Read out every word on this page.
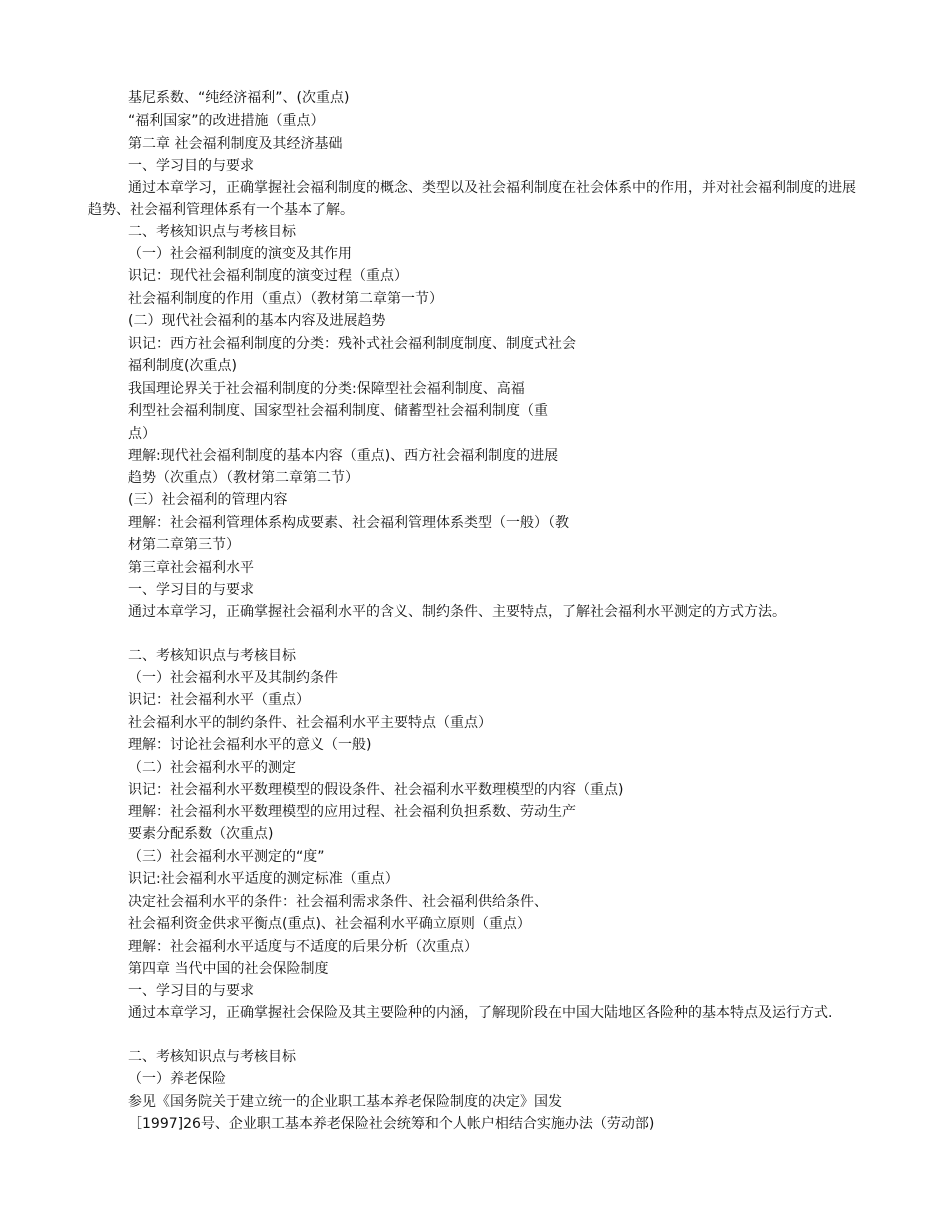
基尼系数、“纯经济福利”、(次重点)
“福利国家”的改进措施（重点）
第二章 社会福利制度及其经济基础
一、学习目的与要求
通过本章学习，正确掌握社会福利制度的概念、类型以及社会福利制度在社会体系中的作用，并对社会福利制度的进展趋势、社会福利管理体系有一个基本了解。
二、考核知识点与考核目标
（一）社会福利制度的演变及其作用
识记：现代社会福利制度的演变过程（重点）
社会福利制度的作用（重点）（教材第二章第一节）
(二）现代社会福利的基本内容及进展趋势
识记：西方社会福利制度的分类：残补式社会福利制度制度、制度式社会
福利制度(次重点)
我国理论界关于社会福利制度的分类:保障型社会福利制度、高福
利型社会福利制度、国家型社会福利制度、储蓄型社会福利制度（重
点）
理解:现代社会福利制度的基本内容（重点)、西方社会福利制度的进展
趋势（次重点）（教材第二章第二节）
(三）社会福利的管理内容
理解：社会福利管理体系构成要素、社会福利管理体系类型（一般）（教
材第二章第三节）
第三章社会福利水平
一、学习目的与要求
通过本章学习，正确掌握社会福利水平的含义、制约条件、主要特点，了解社会福利水平测定的方式方法。
二、考核知识点与考核目标
（一）社会福利水平及其制约条件
识记：社会福利水平（重点）
社会福利水平的制约条件、社会福利水平主要特点（重点）
理解：讨论社会福利水平的意义（一般)
（二）社会福利水平的测定
识记：社会福利水平数理模型的假设条件、社会福利水平数理模型的内容（重点)
理解：社会福利水平数理模型的应用过程、社会福利负担系数、劳动生产
要素分配系数（次重点)
（三）社会福利水平测定的“度”
识记:社会福利水平适度的测定标准（重点）
决定社会福利水平的条件：社会福利需求条件、社会福利供给条件、
社会福利资金供求平衡点(重点)、社会福利水平确立原则（重点）
理解：社会福利水平适度与不适度的后果分析（次重点）
第四章 当代中国的社会保险制度
一、学习目的与要求
通过本章学习，正确掌握社会保险及其主要险种的内涵，了解现阶段在中国大陆地区各险种的基本特点及运行方式.
二、考核知识点与考核目标
（一）养老保险
参见《国务院关于建立统一的企业职工基本养老保险制度的决定》国发
［1997]26号、企业职工基本养老保险社会统筹和个人帐户相结合实施办法（劳动部)
